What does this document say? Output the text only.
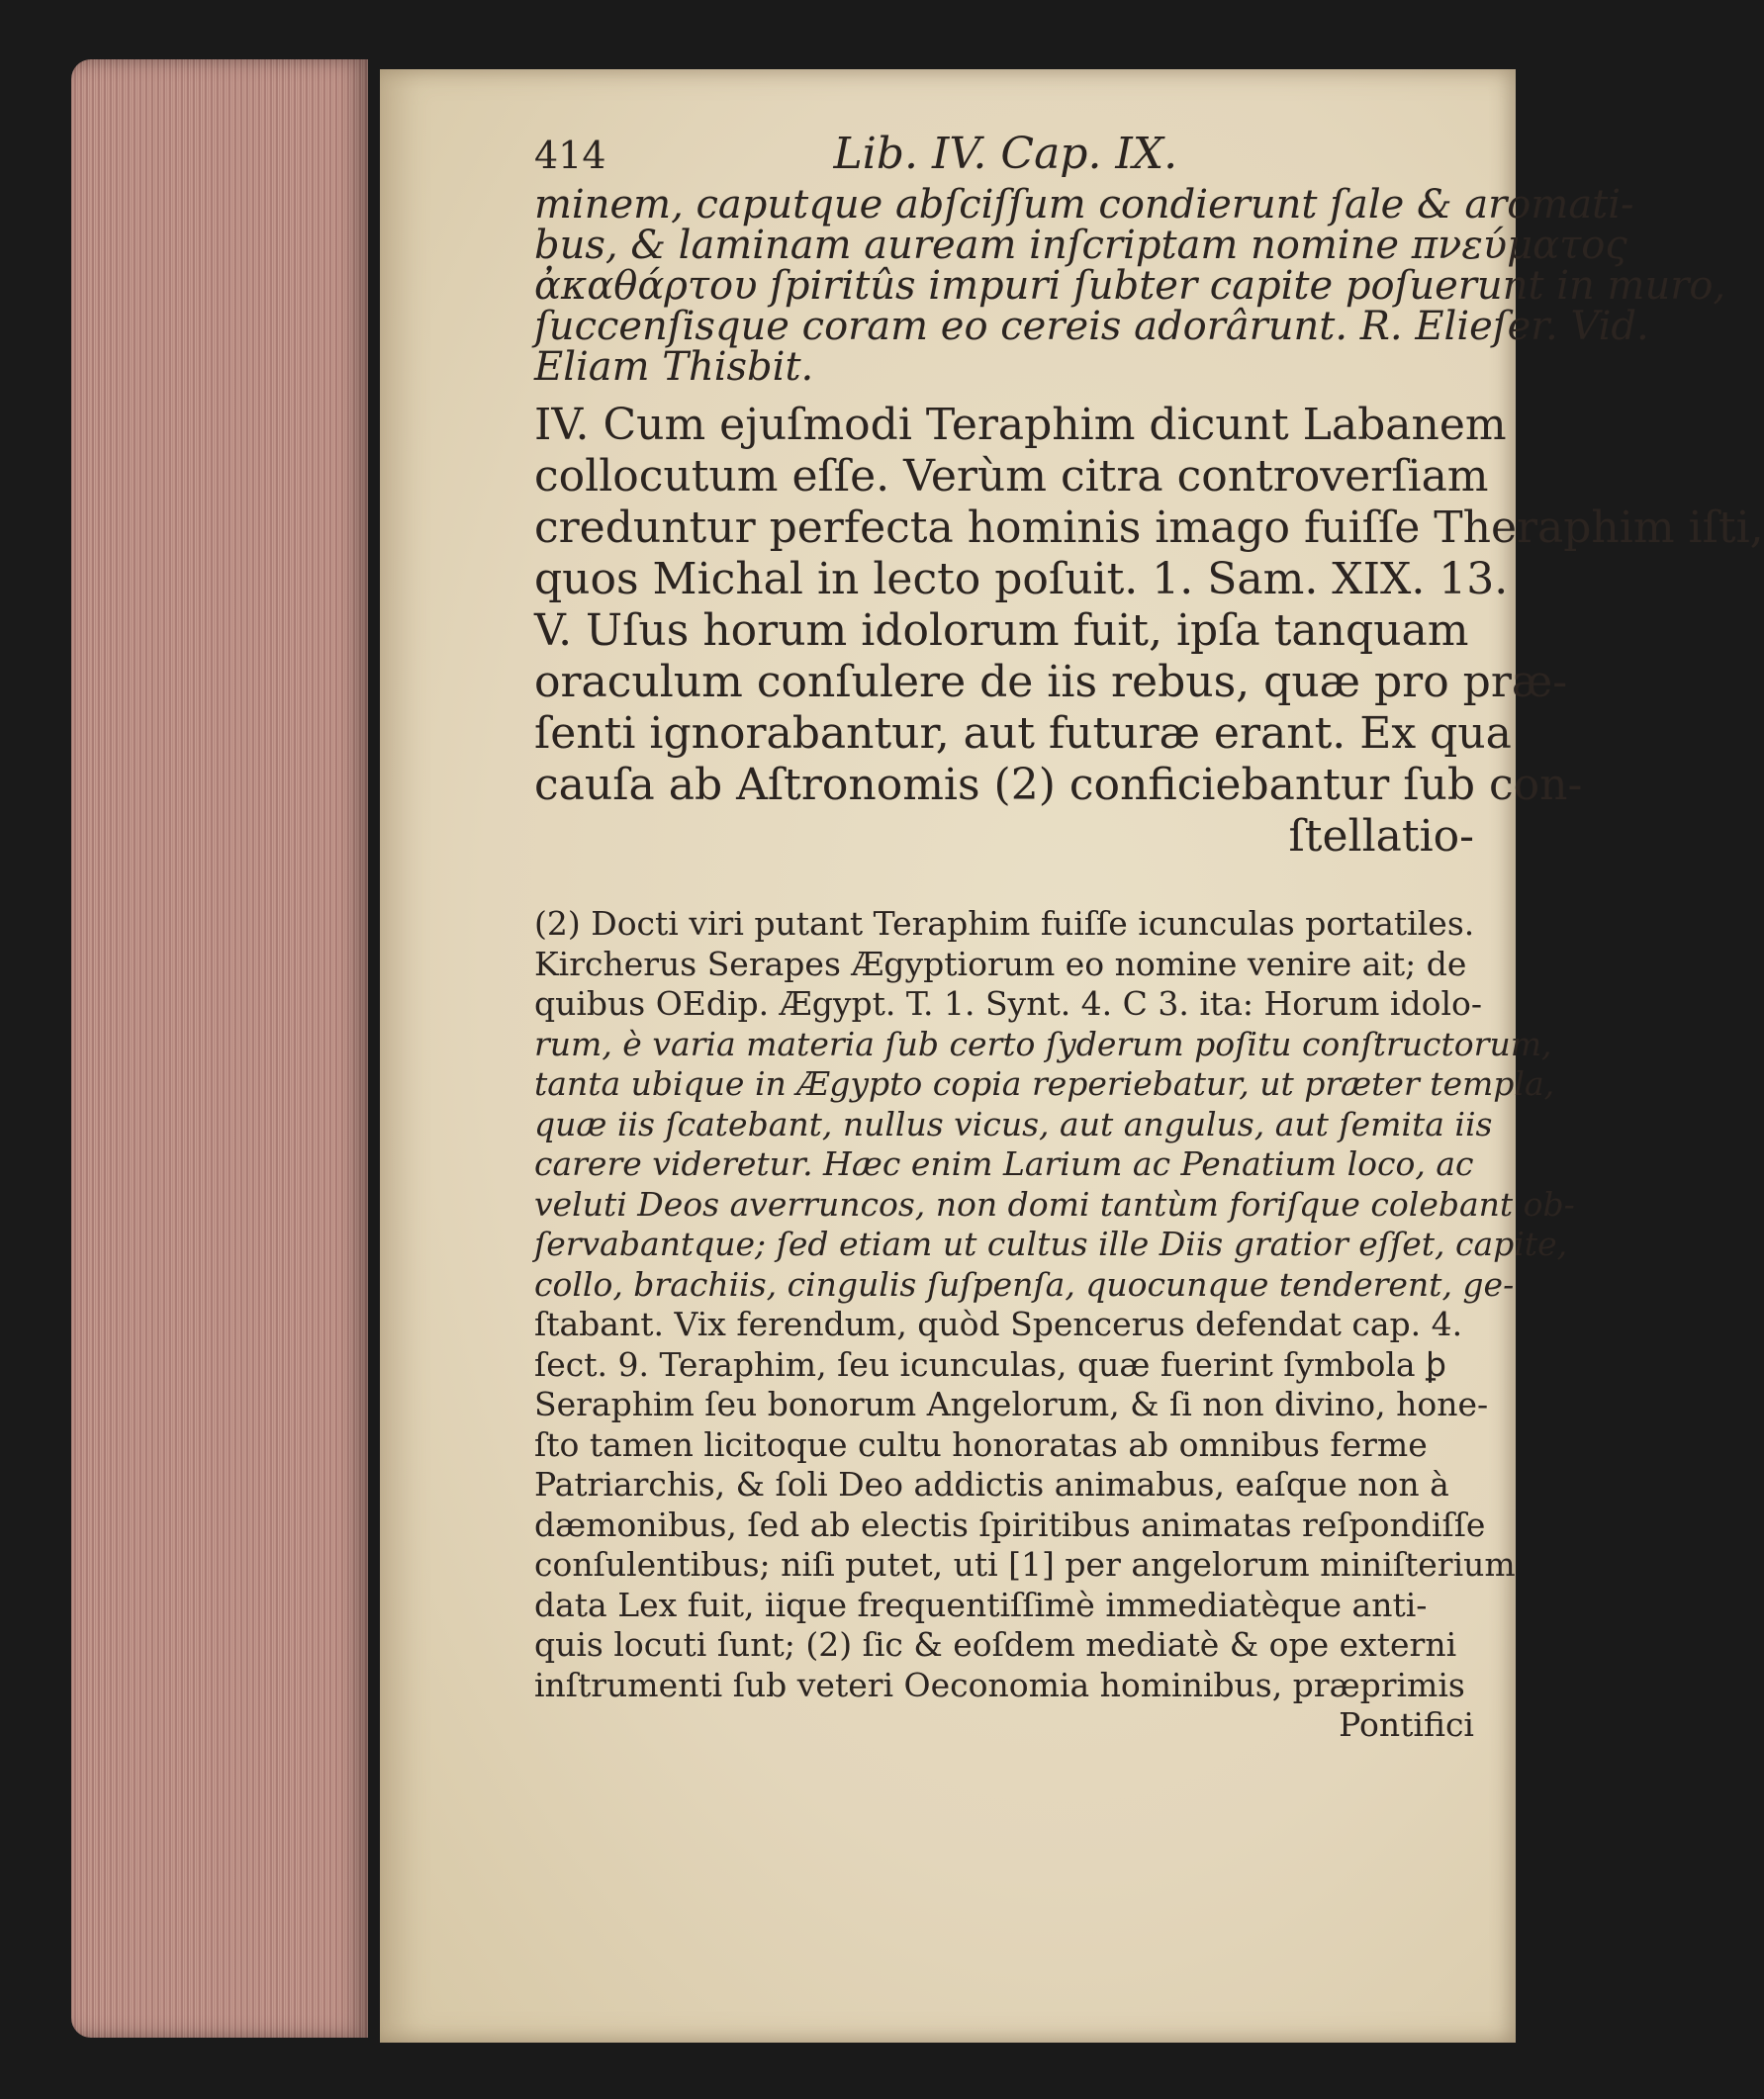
414	Lib. IV. Cap. IX.
minem, caputque abſciſſum condierunt ſale & aromati-
bus, & laminam auream inſcriptam nomine πνεύματος
ἀκαθάρτου ſpiritûs impuri ſubter capite poſuerunt in muro,
ſuccenſisque coram eo cereis adorârunt. R. Elieſer. Vid.
Eliam Thisbit.
IV. Cum ejuſmodi Teraphim dicunt Labanem
collocutum eſſe. Verùm citra controverſiam
creduntur perfecta hominis imago fuiſſe Theraphim iſti,
quos Michal in lecto poſuit. 1. Sam. XIX. 13.
V. Uſus horum idolorum fuit, ipſa tanquam
oraculum conſulere de iis rebus, quæ pro præ-
ſenti ignorabantur, aut futuræ erant. Ex qua
cauſa ab Aſtronomis (2) conficiebantur ſub con-
ſtellatio-
(2) Docti viri putant Teraphim fuiſſe icunculas portatiles.
Kircherus Serapes Ægyptiorum eo nomine venire ait; de
quibus OEdip. Ægypt. T. 1. Synt. 4. C 3. ita: Horum idolo-
rum, è varia materia ſub certo ſyderum poſitu conſtructorum,
tanta ubique in Ægypto copia reperiebatur, ut præter templa,
quæ iis ſcatebant, nullus vicus, aut angulus, aut ſemita iis
carere videretur. Hæc enim Larium ac Penatium loco, ac
veluti Deos averruncos, non domi tantùm foriſque colebant ob-
ſervabantque; ſed etiam ut cultus ille Diis gratior eſſet, capite,
collo, brachiis, cingulis ſuſpenſa, quocunque tenderent, ge-
ſtabant. Vix ferendum, quòd Spencerus defendat cap. 4.
ſect. 9. Teraphim, ſeu icunculas, quæ fuerint ſymbola ꝧ
Seraphim ſeu bonorum Angelorum, & ſi non divino, hone-
ſto tamen licitoque cultu honoratas ab omnibus ferme
Patriarchis, & ſoli Deo addictis animabus, eaſque non à
dæmonibus, ſed ab electis ſpiritibus animatas reſpondiſſe
conſulentibus; niſi putet, uti [1] per angelorum miniſterium
data Lex fuit, iique frequentiſſimè immediatèque anti-
quis locuti ſunt; (2) ſic & eoſdem mediatè & ope externi
inſtrumenti ſub veteri Oeconomia hominibus, præprimis
Pontifici
